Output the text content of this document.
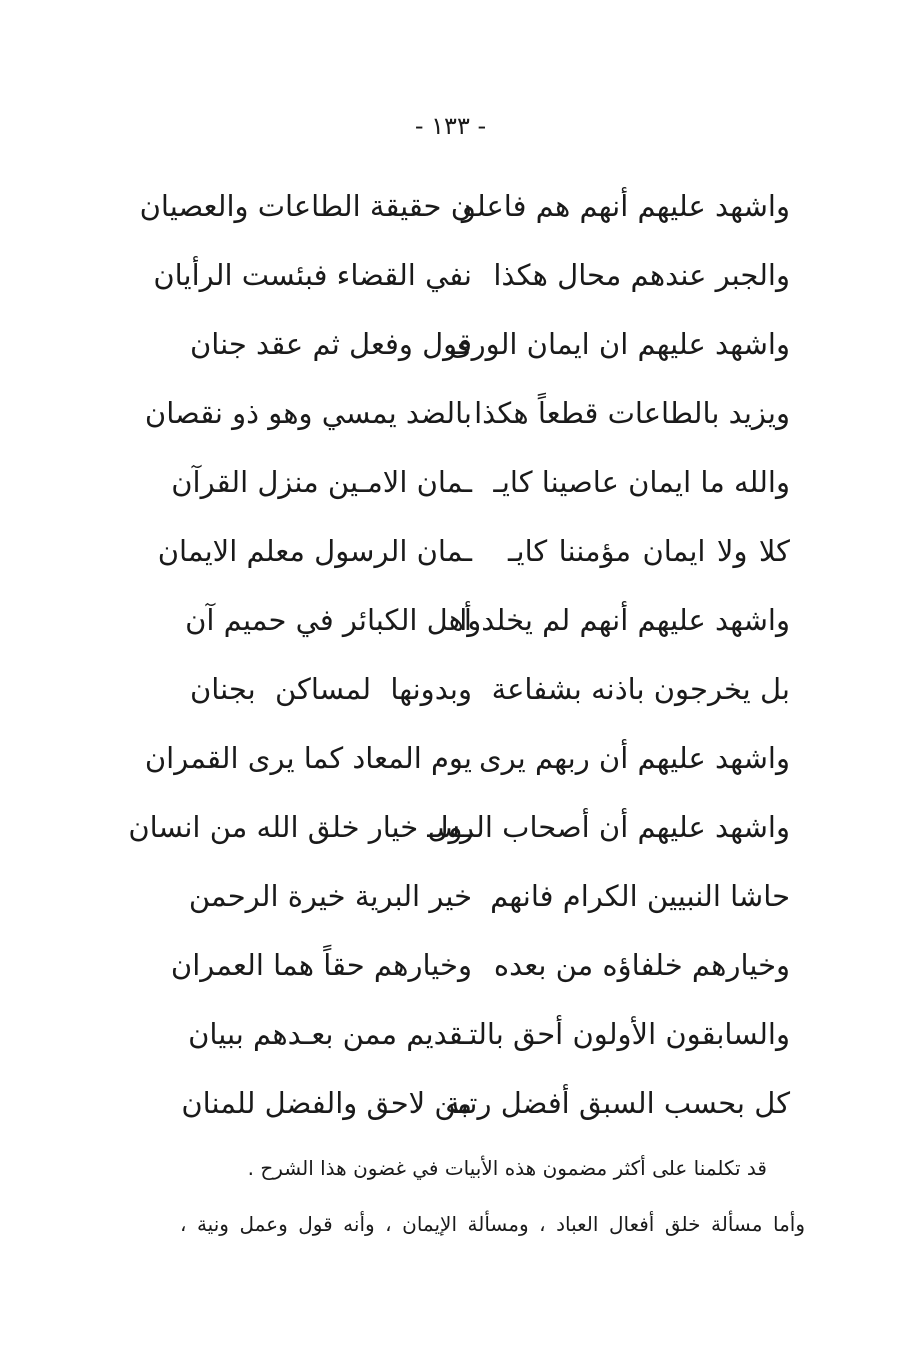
- ١٣٣ -
واشهد عليهم أنهم هم فاعلو
ن حقيقة الطاعات والعصيان
والجبر عندهم محال هكذا
نفي القضاء فبئست الرأيان
واشهد عليهم ان ايمان الورى
قول وفعل ثم عقد جنان
ويزيد بالطاعات قطعاً هكذا
بالضد يمسي وهو ذو نقصان
والله ما ايمان عاصينا كايـ
ـمان الامـين منزل القرآن
كلا ولا ايمان مؤمننا كايـ
ـمان الرسول معلم الايمان
واشهد عليهم أنهم لم يخلدوا
أهل الكبائر في حميم آن
بل يخرجون باذنه بشفاعة
وبدونها لمساكن بجنان
واشهد عليهم أن ربهم يرى
يوم المعاد كما يرى القمران
واشهد عليهم أن أصحاب الرسـ
ـول خيار خلق الله من انسان
حاشا النبيين الكرام فانهم
خير البرية خيرة الرحمن
وخيارهم خلفاؤه من بعده
وخيارهم حقاً هما العمران
والسابقون الأولون أحق بالتـ
ـقديم ممن بعـدهم ببيان
كل بحسب السبق أفضل رتبة
من لاحق والفضل للمنان
قد تكلمنا على أكثر مضمون هذه الأبيات في غضون هذا الشرح .
وأما مسألة خلق أفعال العباد ، ومسألة الإيمان ، وأنه قول وعمل ونية ،
